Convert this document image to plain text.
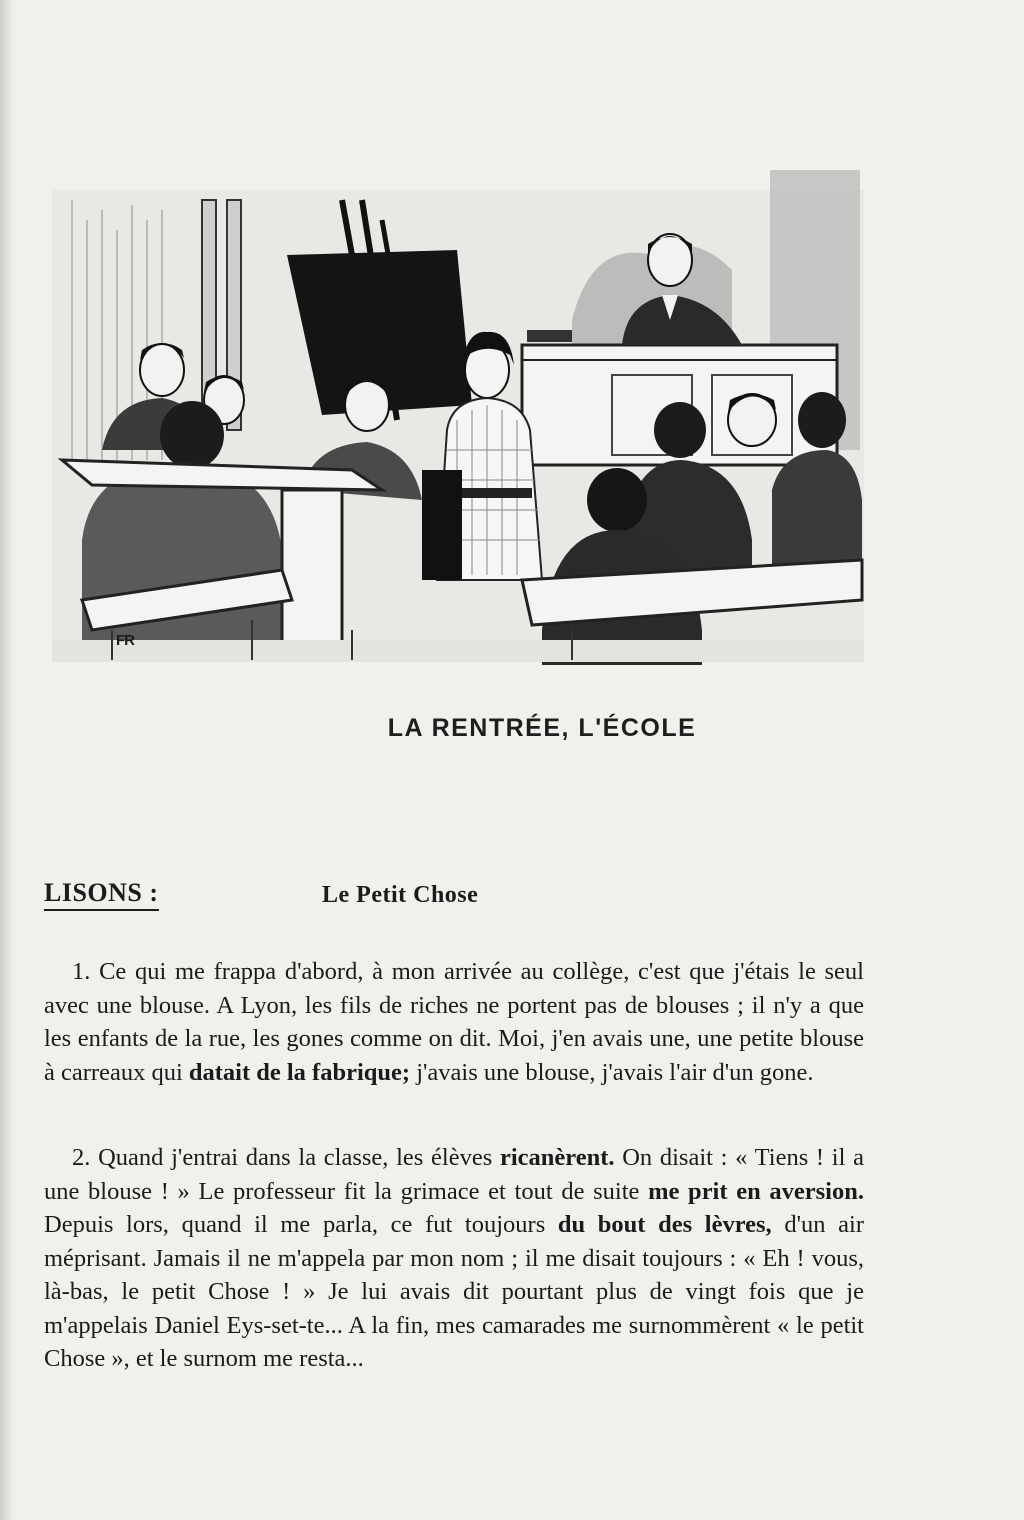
FR
LA RENTRÉE, L'ÉCOLE
LISONS :	Le Petit Chose
1. Ce qui me frappa d'abord, à mon arrivée au collège, c'est que j'étais le seul avec une blouse. A Lyon, les fils de riches ne portent pas de blouses ; il n'y a que les enfants de la rue, les gones comme on dit. Moi, j'en avais une, une petite blouse à carreaux qui datait de la fabrique; j'avais une blouse, j'avais l'air d'un gone.
2. Quand j'entrai dans la classe, les élèves ricanèrent. On disait : « Tiens ! il a une blouse ! » Le professeur fit la grimace et tout de suite me prit en aversion. Depuis lors, quand il me parla, ce fut toujours du bout des lèvres, d'un air méprisant. Jamais il ne m'appela par mon nom ; il me disait toujours : « Eh ! vous, là-bas, le petit Chose ! » Je lui avais dit pourtant plus de vingt fois que je m'appelais Daniel Eys-set-te... A la fin, mes camarades me surnommèrent « le petit Chose », et le surnom me resta...
